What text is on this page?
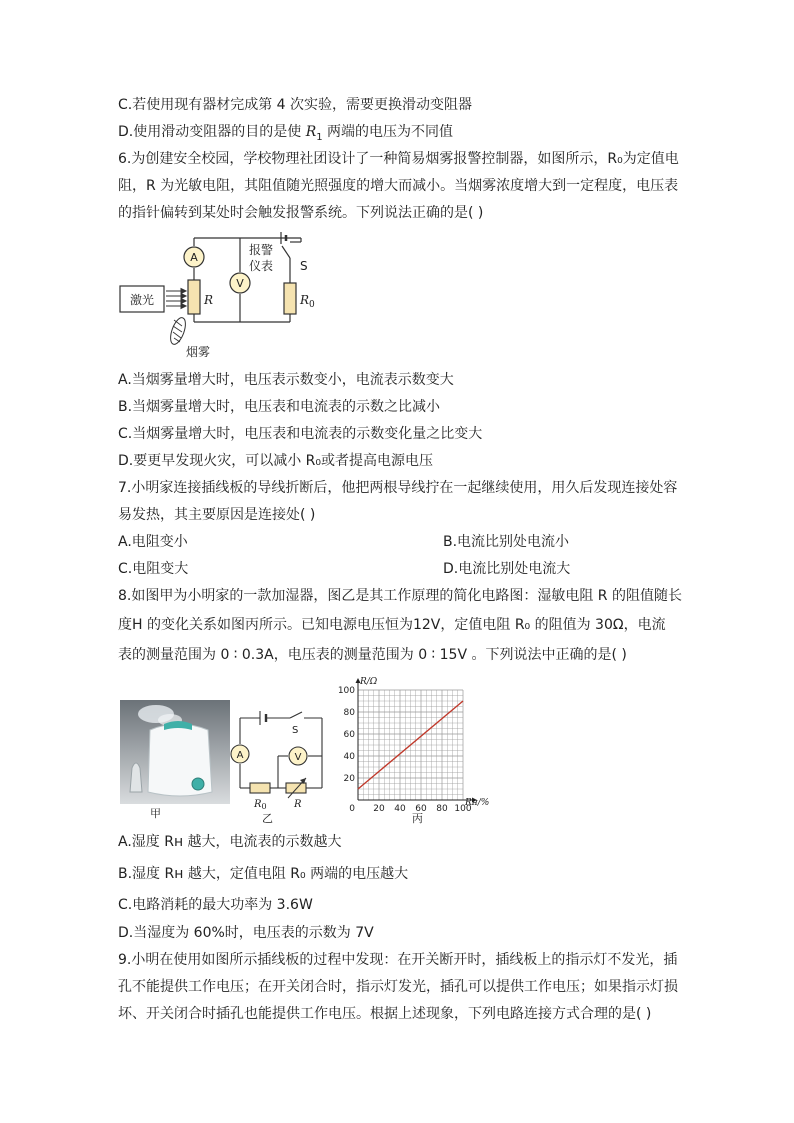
C.若使用现有器材完成第 4 次实验，需要更换滑动变阻器
D.使用滑动变阻器的目的是使 $R_1$ 两端的电压为不同值
6.为创建安全校园，学校物理社团设计了一种简易烟雾报警控制器，如图所示，R₀为定值电
阻，R 为光敏电阻，其阻值随光照强度的增大而减小。当烟雾浓度增大到一定程度，电压表
的指针偏转到某处时会触发报警系统。下列说法正确的是( )
A
V
R	$R_0$
报警
仪表 S
激光
烟雾
A.当烟雾量增大时，电压表示数变小，电流表示数变大
B.当烟雾量增大时，电压表和电流表的示数之比减小
C.当烟雾量增大时，电压表和电流表的示数变化量之比变大
D.要更早发现火灾，可以减小 R₀或者提高电源电压
7.小明家连接插线板的导线折断后，他把两根导线拧在一起继续使用，用久后发现连接处容
易发热，其主要原因是连接处( )
A.电阻变小	B.电流比别处电流小
C.电阻变大	D.电流比别处电流大
8.如图甲为小明家的一款加湿器，图乙是其工作原理的简化电路图：湿敏电阻 R 的阻值随长
度H 的变化关系如图丙所示。已知电源电压恒为12V，定值电阻 R₀ 的阻值为 30Ω，电流
表的测量范围为 0 ∶ 0.3A，电压表的测量范围为 0 ∶ 15V 。下列说法中正确的是( )
甲
A	V
S
$R_0$	R
乙
20 40 60 80 100
20
40
60
80
100
0
R/Ω
Rʜ/%
丙
A.湿度 Rʜ 越大，电流表的示数越大
B.湿度 Rʜ 越大，定值电阻 R₀ 两端的电压越大
C.电路消耗的最大功率为 3.6W
D.当湿度为 60%时，电压表的示数为 7V
9.小明在使用如图所示插线板的过程中发现：在开关断开时，插线板上的指示灯不发光，插
孔不能提供工作电压；在开关闭合时，指示灯发光，插孔可以提供工作电压；如果指示灯损
坏、开关闭合时插孔也能提供工作电压。根据上述现象，下列电路连接方式合理的是( )
